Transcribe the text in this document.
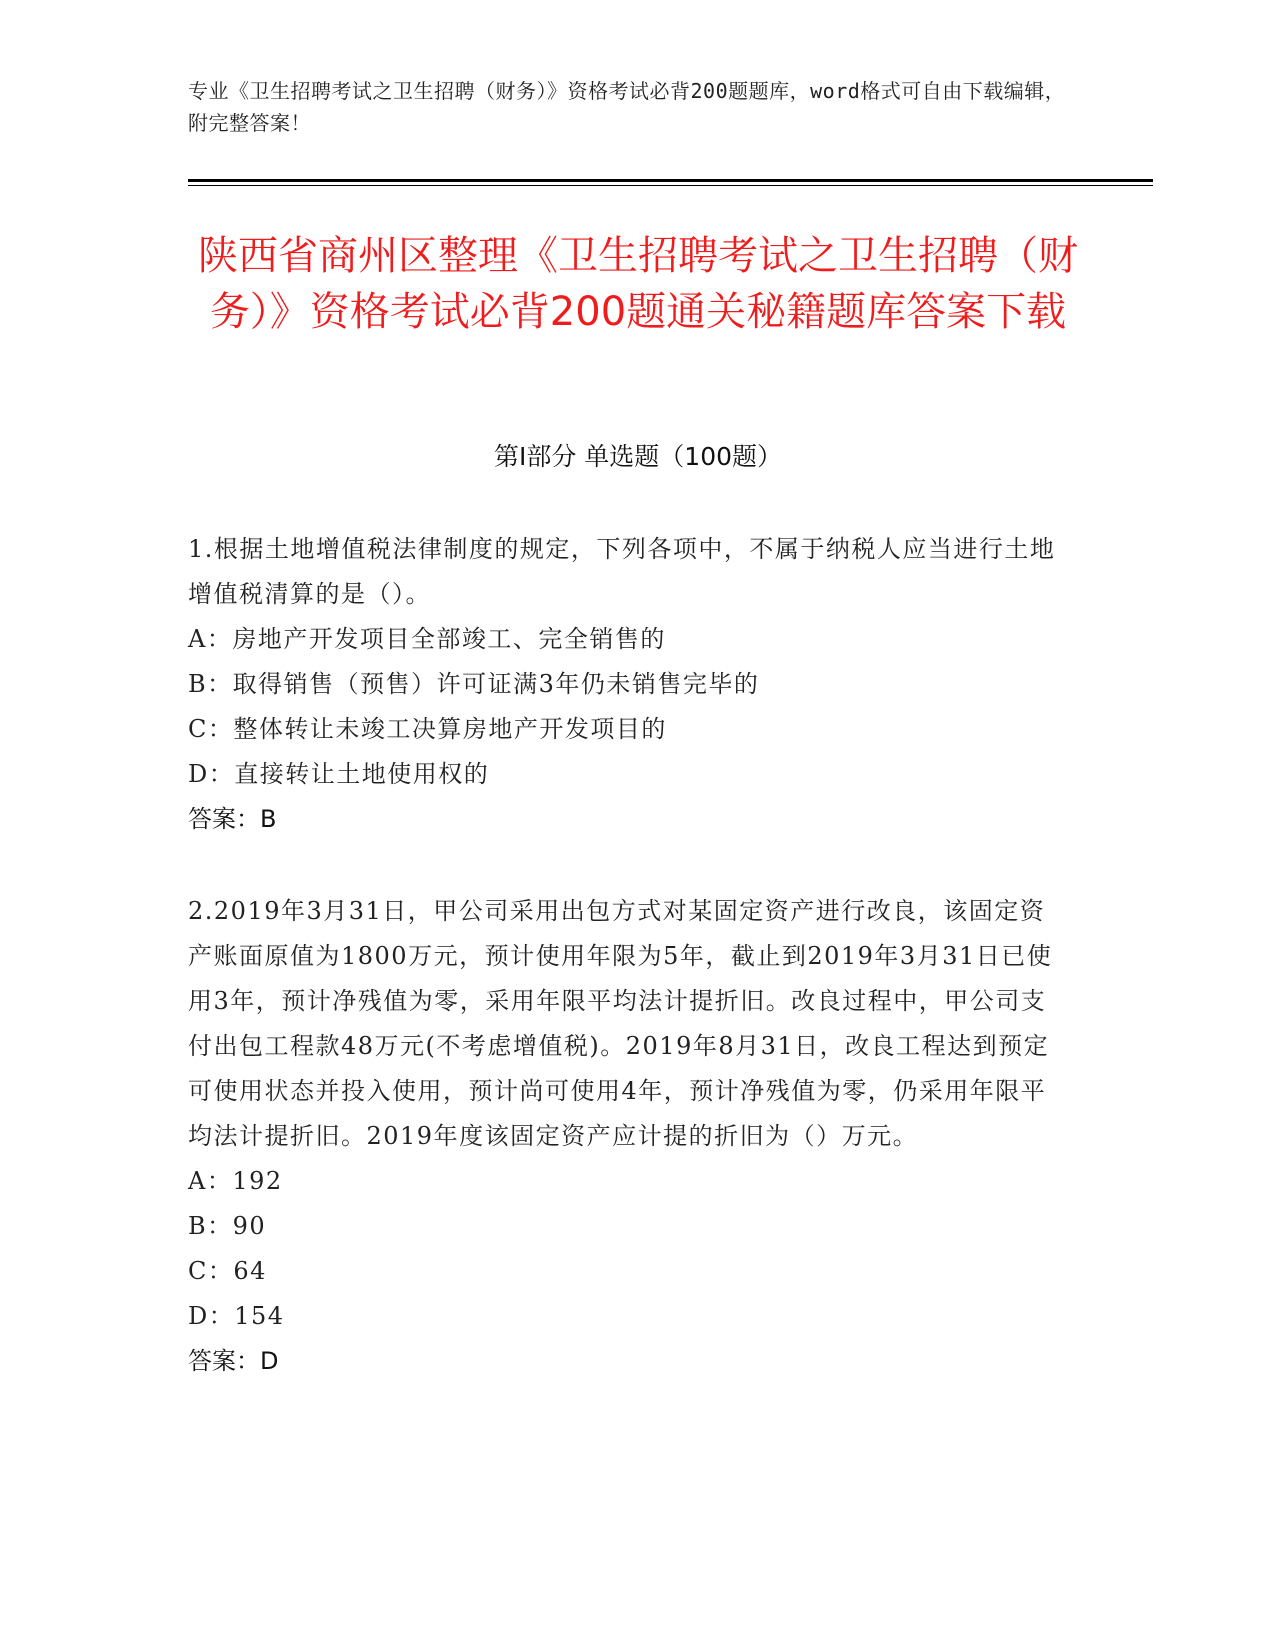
专业《卫生招聘考试之卫生招聘（财务）》资格考试必背200题题库，word格式可自由下载编辑，附完整答案！
陕西省商州区整理《卫生招聘考试之卫生招聘（财务）》资格考试必背200题通关秘籍题库答案下载
第I部分 单选题（100题）

1.根据土地增值税法律制度的规定，下列各项中，不属于纳税人应当进行土地增值税清算的是（）。

A：房地产开发项目全部竣工、完全销售的

B：取得销售（预售）许可证满3年仍未销售完毕的

C：整体转让未竣工决算房地产开发项目的

D：直接转让土地使用权的

答案：B

2.2019年3月31日，甲公司采用出包方式对某固定资产进行改良，该固定资产账面原值为1800万元，预计使用年限为5年，截止到2019年3月31日已使用3年，预计净残值为零，采用年限平均法计提折旧。改良过程中，甲公司支付出包工程款48万元(不考虑增值税)。2019年8月31日，改良工程达到预定可使用状态并投入使用，预计尚可使用4年，预计净残值为零，仍采用年限平均法计提折旧。2019年度该固定资产应计提的折旧为（）万元。

A：192

B：90

C：64

D：154

答案：D
